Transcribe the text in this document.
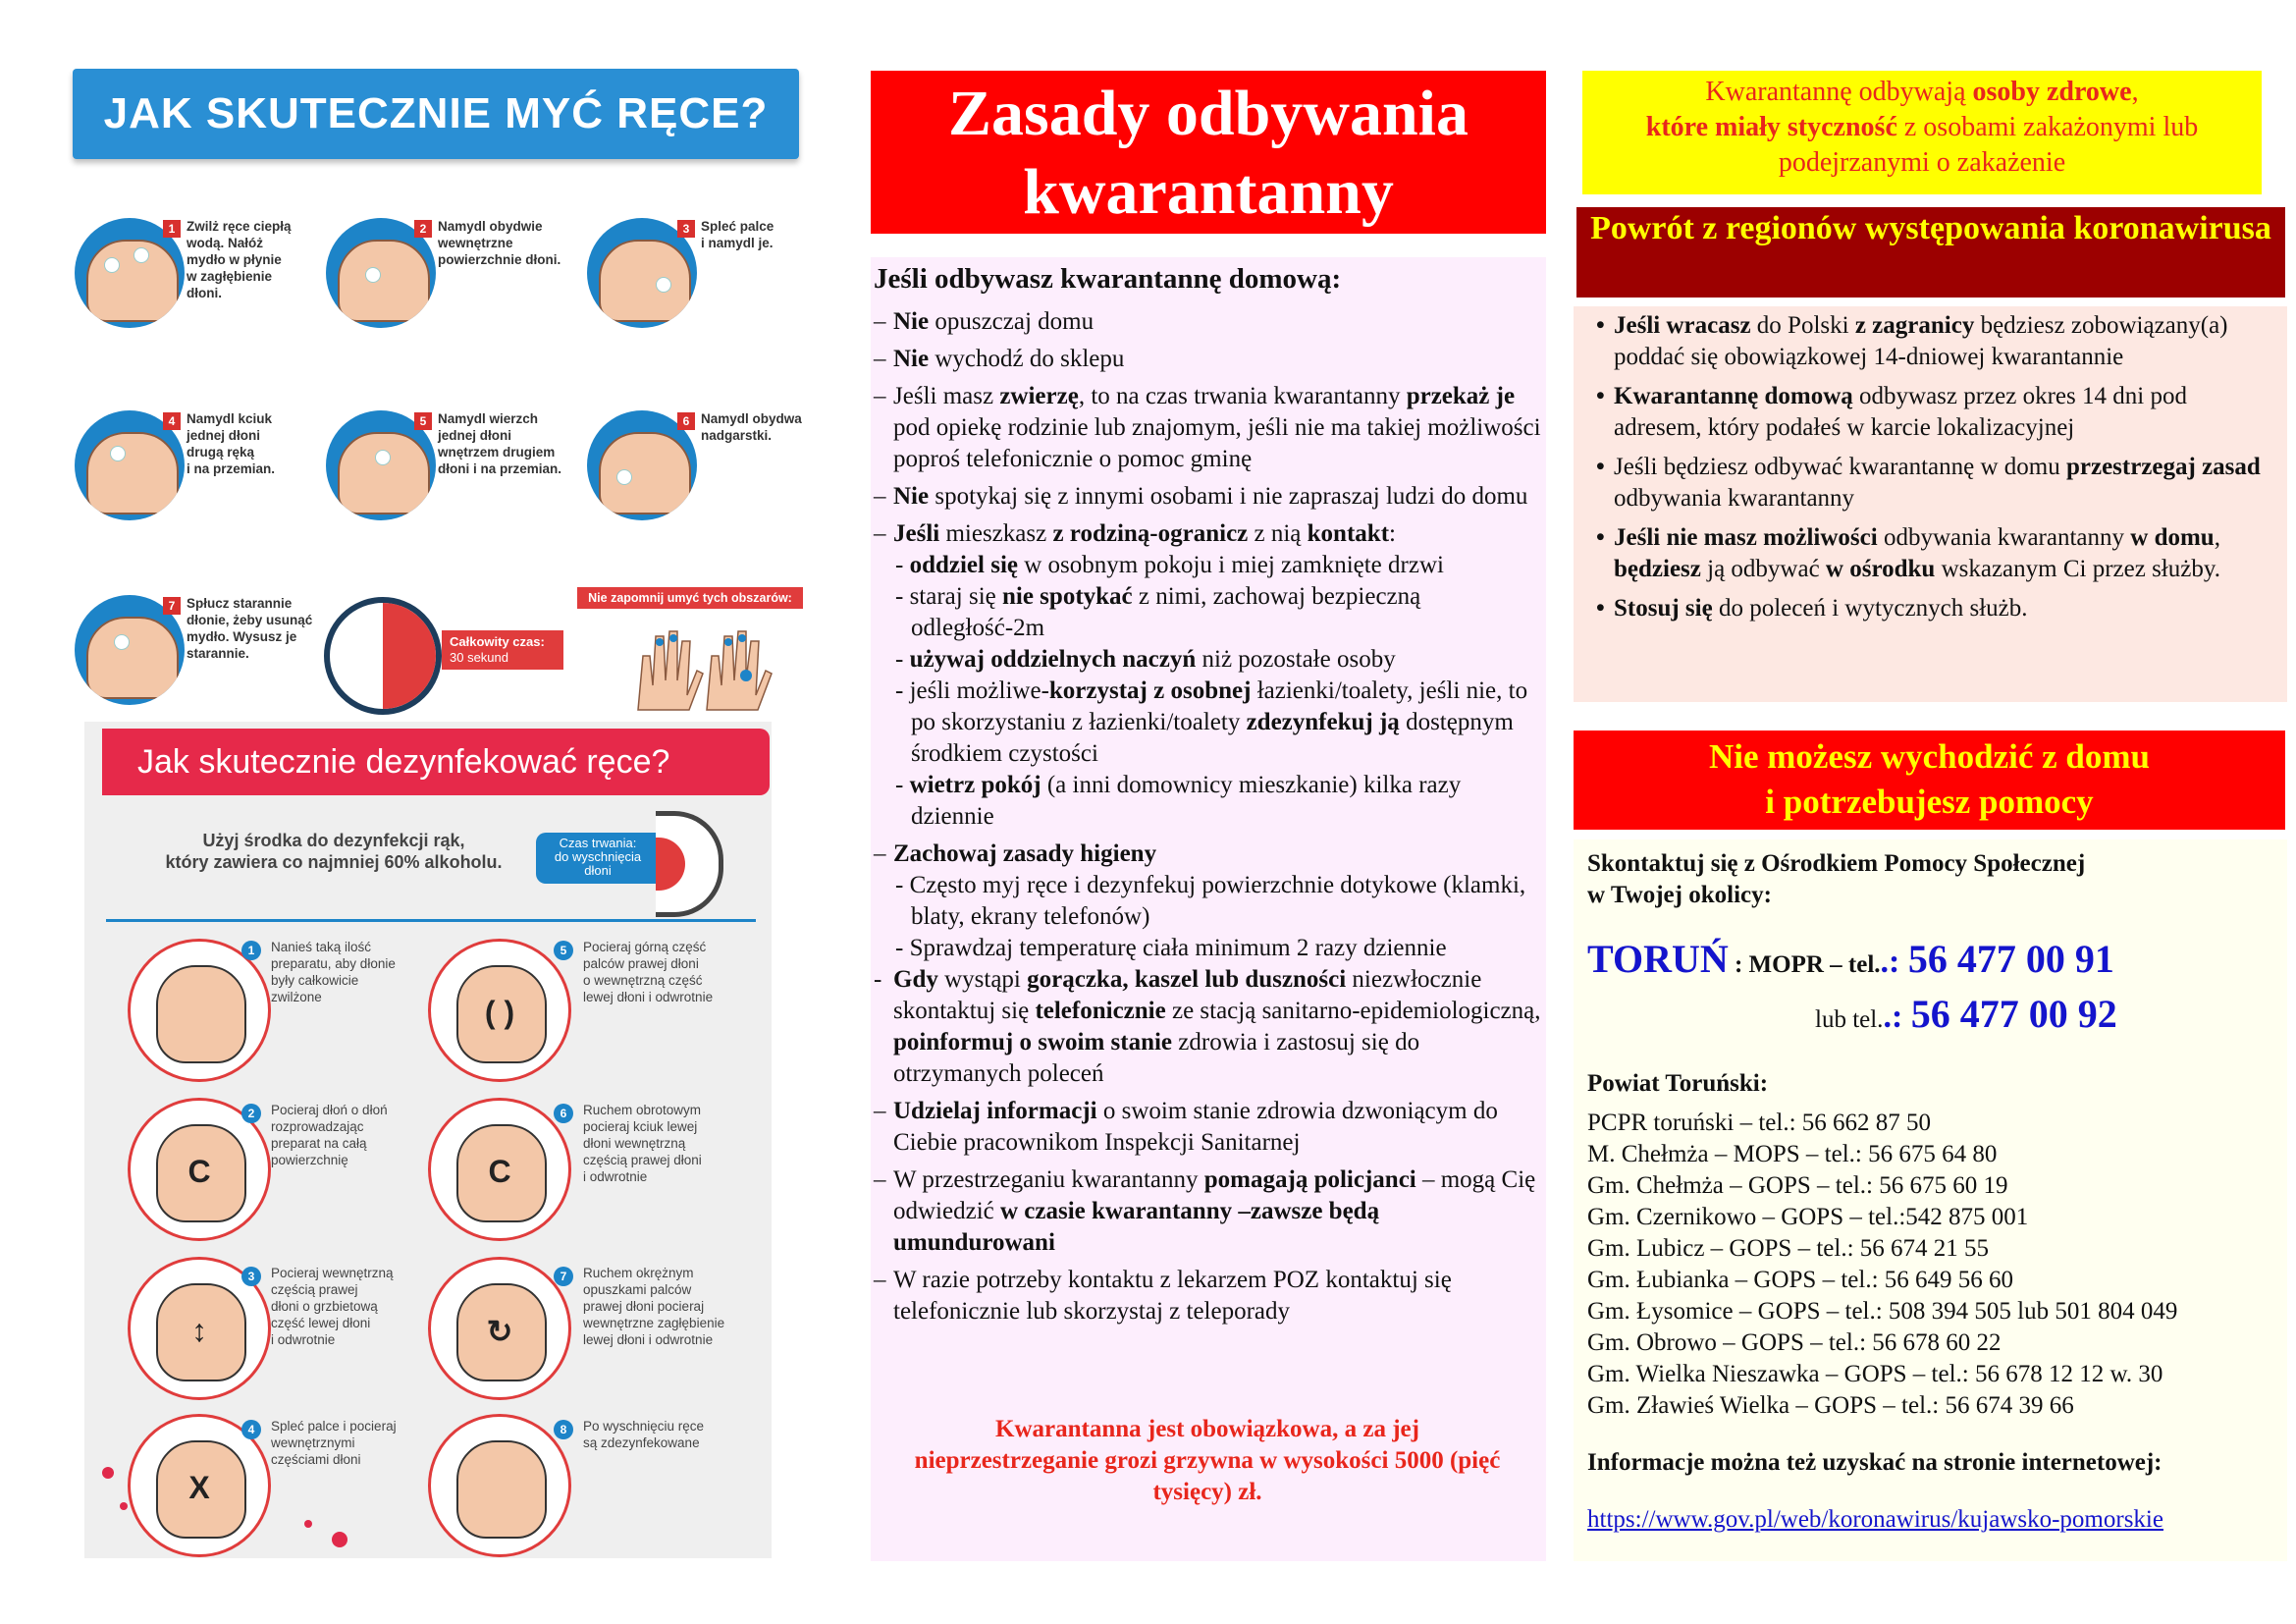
JAK SKUTECZNIE MYĆ RĘCE?
1 Zwilż ręce ciepłą
wodą. Nałóż
mydło w płynie
w zagłębienie
dłoni.
2 Namydl obydwie
wewnętrzne
powierzchnie dłoni.
3 Spleć palce
i namydl je.
4 Namydl kciuk
jednej dłoni
drugą ręką
i na przemian.
5 Namydl wierzch
jednej dłoni
wnętrzem drugiem
dłoni i na przemian.
6 Namydl obydwa
nadgarstki.
7 Spłucz starannie
dłonie, żeby usunąć
mydło. Wysusz je
starannie.
Całkowity czas:
30 sekund
Nie zapomnij umyć tych obszarów:
Jak skutecznie dezynfekować ręce?
Użyj środka do dezynfekcji rąk,
który zawiera co najmniej 60% alkoholu.
Czas trwania:
do wyschnięcia
dłoni
1	Nanieś taką ilość
preparatu, aby dłonie
były całkowicie
zwilżone
C
2	Pocieraj dłoń o dłoń
rozprowadzając
preparat na całą
powierzchnię
↕
3	Pocieraj wewnętrzną
częścią prawej
dłoni o grzbietową
część lewej dłoni
i odwrotnie
X
4	Spleć palce i pocieraj
wewnętrznymi
częściami dłoni
( )
5	Pocieraj górną część
palców prawej dłoni
o wewnętrzną część
lewej dłoni i odwrotnie
C
6	Ruchem obrotowym
pocieraj kciuk lewej
dłoni wewnętrzną
częścią prawej dłoni
i odwrotnie
↻
7	Ruchem okrężnym
opuszkami palców
prawej dłoni pocieraj
wewnętrzne zagłębienie
lewej dłoni i odwrotnie
8	Po wyschnięciu ręce
są zdezynfekowane
Zasady odbywania
kwarantanny
Jeśli odbywasz kwarantannę domową:
– Nie opuszczaj domu
– Nie wychodź do sklepu
– Jeśli masz zwierzę, to na czas trwania kwarantanny przekaż je pod opiekę rodzinie lub znajomym, jeśli nie ma takiej możliwości poproś telefonicznie o pomoc gminę
– Nie spotykaj się z innymi osobami i nie zapraszaj ludzi do domu
– Jeśli mieszkasz z rodziną-ogranicz z nią kontakt:
- oddziel się w osobnym pokoju i miej zamknięte drzwi
- staraj się nie spotykać z nimi, zachowaj bezpieczną odległość-2m
- używaj oddzielnych naczyń niż pozostałe osoby
- jeśli możliwe-korzystaj z osobnej łazienki/toalety, jeśli nie, to po skorzystaniu z łazienki/toalety zdezynfekuj ją dostępnym środkiem czystości
- wietrz pokój (a inni domownicy mieszkanie) kilka razy dziennie
– Zachowaj zasady higieny
- Często myj ręce i dezynfekuj powierzchnie dotykowe (klamki, blaty, ekrany telefonów)
- Sprawdzaj temperaturę ciała minimum 2 razy dziennie
- Gdy wystąpi gorączka, kaszel lub duszności niezwłocznie skontaktuj się telefonicznie ze stacją sanitarno-epidemiologiczną, poinformuj o swoim stanie zdrowia i zastosuj się do otrzymanych poleceń
– Udzielaj informacji o swoim stanie zdrowia dzwoniącym do Ciebie pracownikom Inspekcji Sanitarnej
– W przestrzeganiu kwarantanny pomagają policjanci – mogą Cię odwiedzić w czasie kwarantanny –zawsze będą umundurowani
– W razie potrzeby kontaktu z lekarzem POZ kontaktuj się telefonicznie lub skorzystaj z teleporady
Kwarantanna jest obowiązkowa, a za jej nieprzestrzeganie grozi grzywna w wysokości 5000 (pięć tysięcy) zł.
Kwarantannę odbywają osoby zdrowe,
które miały styczność z osobami zakażonymi lub podejrzanymi o zakażenie
Powrót z regionów występowania koronawirusa
• Jeśli wracasz do Polski z zagranicy będziesz zobowiązany(a) poddać się obowiązkowej 14-dniowej kwarantannie
• Kwarantannę domową odbywasz przez okres 14 dni pod adresem, który podałeś w karcie lokalizacyjnej
• Jeśli będziesz odbywać kwarantannę w domu przestrzegaj zasad odbywania kwarantanny
• Jeśli nie masz możliwości odbywania kwarantanny w domu, będziesz ją odbywać w ośrodku wskazanym Ci przez służby.
• Stosuj się do poleceń i wytycznych służb.
Nie możesz wychodzić z domu
i potrzebujesz pomocy
Skontaktuj się z Ośrodkiem Pomocy Społecznej
w Twojej okolicy:
TORUŃ : MOPR – tel..: 56 477 00 91
lub tel..: 56 477 00 92
Powiat Toruński:
PCPR toruński – tel.: 56 662 87 50
M. Chełmża – MOPS – tel.: 56 675 64 80
Gm. Chełmża – GOPS – tel.: 56 675 60 19
Gm. Czernikowo – GOPS – tel.:542 875 001
Gm. Lubicz – GOPS – tel.: 56 674 21 55
Gm. Łubianka – GOPS – tel.: 56 649 56 60
Gm. Łysomice – GOPS – tel.: 508 394 505 lub 501 804 049
Gm. Obrowo – GOPS – tel.: 56 678 60 22
Gm. Wielka Nieszawka – GOPS – tel.: 56 678 12 12 w. 30
Gm. Zławieś Wielka – GOPS – tel.: 56 674 39 66
Informacje można też uzyskać na stronie internetowej:
https://www.gov.pl/web/koronawirus/kujawsko-pomorskie
